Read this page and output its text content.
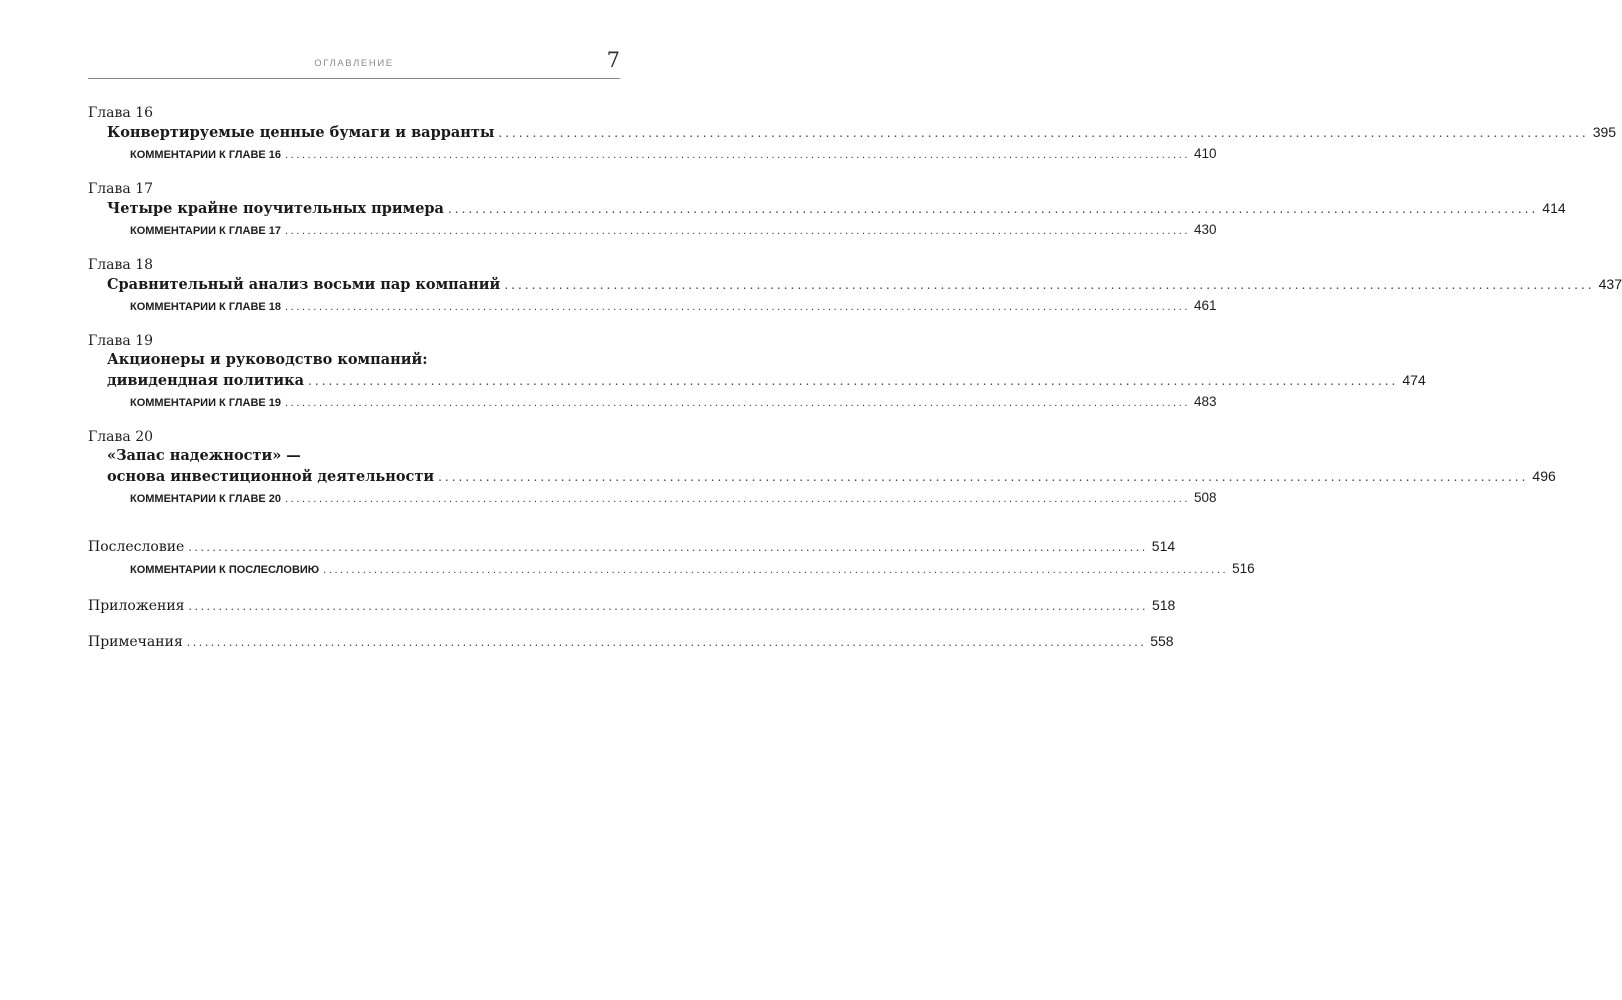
ОГЛАВЛЕНИЕ	7
Глава 16
Конвертируемые ценные бумаги и варранты ................................................................................................................................................................ 395
КОММЕНТАРИИ К ГЛАВЕ 16 ................................................................................................................................................................ 410
Глава 17
Четыре крайне поучительных примера ................................................................................................................................................................ 414
КОММЕНТАРИИ К ГЛАВЕ 17 ................................................................................................................................................................ 430
Глава 18
Сравнительный анализ восьми пар компаний ................................................................................................................................................................ 437
КОММЕНТАРИИ К ГЛАВЕ 18 ................................................................................................................................................................ 461
Глава 19
Акционеры и руководство компаний:
дивидендная политика ................................................................................................................................................................ 474
КОММЕНТАРИИ К ГЛАВЕ 19 ................................................................................................................................................................ 483
Глава 20
«Запас надежности» —
основа инвестиционной деятельности ................................................................................................................................................................ 496
КОММЕНТАРИИ К ГЛАВЕ 20 ................................................................................................................................................................ 508
Послесловие ................................................................................................................................................................ 514
КОММЕНТАРИИ К ПОСЛЕСЛОВИЮ ................................................................................................................................................................ 516
Приложения ................................................................................................................................................................ 518
Примечания ................................................................................................................................................................ 558
